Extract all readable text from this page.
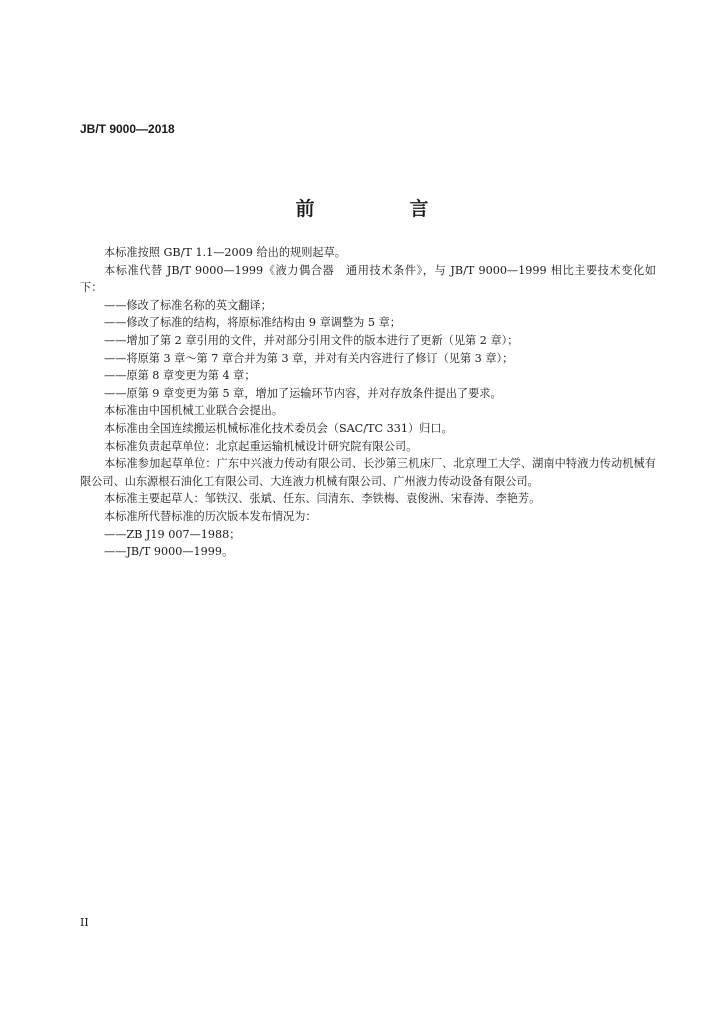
JB/T 9000—2018
前　言

本标准按照 GB/T 1.1—2009 给出的规则起草。

本标准代替 JB/T 9000—1999《液力偶合器　通用技术条件》，与 JB/T 9000—1999 相比主要技术变化如下：

——修改了标准名称的英文翻译；

——修改了标准的结构，将原标准结构由 9 章调整为 5 章；

——增加了第 2 章引用的文件，并对部分引用文件的版本进行了更新（见第 2 章）；

——将原第 3 章～第 7 章合并为第 3 章，并对有关内容进行了修订（见第 3 章）；

——原第 8 章变更为第 4 章；

——原第 9 章变更为第 5 章，增加了运输环节内容，并对存放条件提出了要求。

本标准由中国机械工业联合会提出。

本标准由全国连续搬运机械标准化技术委员会（SAC/TC 331）归口。

本标准负责起草单位：北京起重运输机械设计研究院有限公司。

本标准参加起草单位：广东中兴液力传动有限公司、长沙第三机床厂、北京理工大学、湖南中特液力传动机械有限公司、山东源根石油化工有限公司、大连液力机械有限公司、广州液力传动设备有限公司。

本标准主要起草人：邹铁汉、张斌、任东、闫清东、李铁梅、袁俊洲、宋春涛、李艳芳。

本标准所代替标准的历次版本发布情况为：

——ZB J19 007—1988；

——JB/T 9000—1999。

II
